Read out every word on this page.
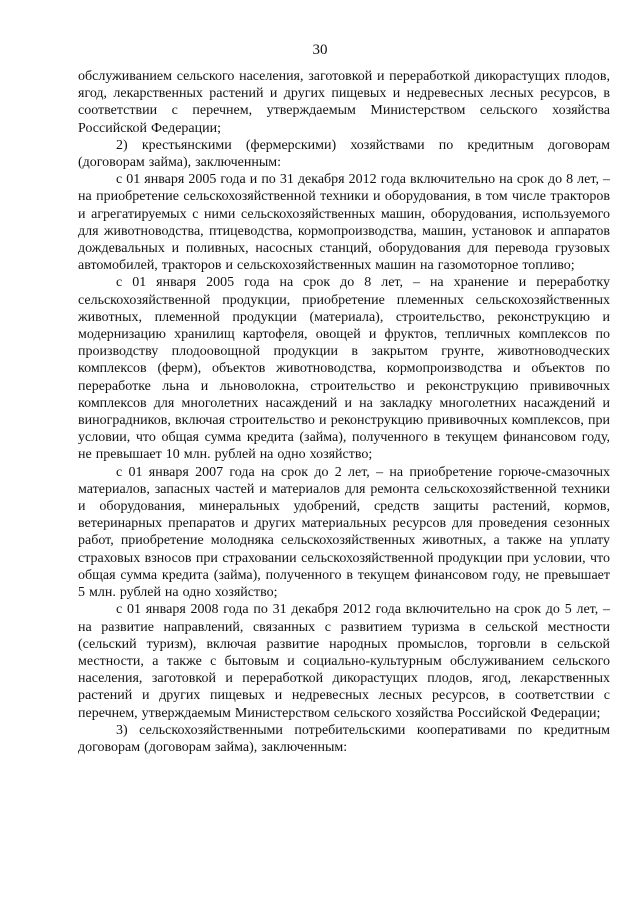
30

обслуживанием сельского населения, заготовкой и переработкой дикорастущих плодов, ягод, лекарственных растений и других пищевых и недревесных лесных ресурсов, в соответствии с перечнем, утверждаемым Министерством сельского хозяйства Российской Федерации;

2) крестьянскими (фермерскими) хозяйствами по кредитным договорам (договорам займа), заключенным:

с 01 января 2005 года и по 31 декабря 2012 года включительно на срок до 8 лет, – на приобретение сельскохозяйственной техники и оборудования, в том числе тракторов и агрегатируемых с ними сельскохозяйственных машин, оборудования, используемого для животноводства, птицеводства, кормопроизводства, машин, установок и аппаратов дождевальных и поливных, насосных станций, оборудования для перевода грузовых автомобилей, тракторов и сельскохозяйственных машин на газомоторное топливо;

с 01 января 2005 года на срок до 8 лет, – на хранение и переработку сельскохозяйственной продукции, приобретение племенных сельскохозяйственных животных, племенной продукции (материала), строительство, реконструкцию и модернизацию хранилищ картофеля, овощей и фруктов, тепличных комплексов по производству плодоовощной продукции в закрытом грунте, животноводческих комплексов (ферм), объектов животноводства, кормопроизводства и объектов по переработке льна и льноволокна, строительство и реконструкцию прививочных комплексов для многолетних насаждений и на закладку многолетних насаждений и виноградников, включая строительство и реконструкцию прививочных комплексов, при условии, что общая сумма кредита (займа), полученного в текущем финансовом году, не превышает 10 млн. рублей на одно хозяйство;

с 01 января 2007 года на срок до 2 лет, – на приобретение горюче-смазочных материалов, запасных частей и материалов для ремонта сельскохозяйственной техники и оборудования, минеральных удобрений, средств защиты растений, кормов, ветеринарных препаратов и других материальных ресурсов для проведения сезонных работ, приобретение молодняка сельскохозяйственных животных, а также на уплату страховых взносов при страховании сельскохозяйственной продукции при условии, что общая сумма кредита (займа), полученного в текущем финансовом году, не превышает 5 млн. рублей на одно хозяйство;

с 01 января 2008 года по 31 декабря 2012 года включительно на срок до 5 лет, – на развитие направлений, связанных с развитием туризма в сельской местности (сельский туризм), включая развитие народных промыслов, торговли в сельской местности, а также с бытовым и социально-культурным обслуживанием сельского населения, заготовкой и переработкой дикорастущих плодов, ягод, лекарственных растений и других пищевых и недревесных лесных ресурсов, в соответствии с перечнем, утверждаемым Министерством сельского хозяйства Российской Федерации;

3) сельскохозяйственными потребительскими кооперативами по кредитным договорам (договорам займа), заключенным:
